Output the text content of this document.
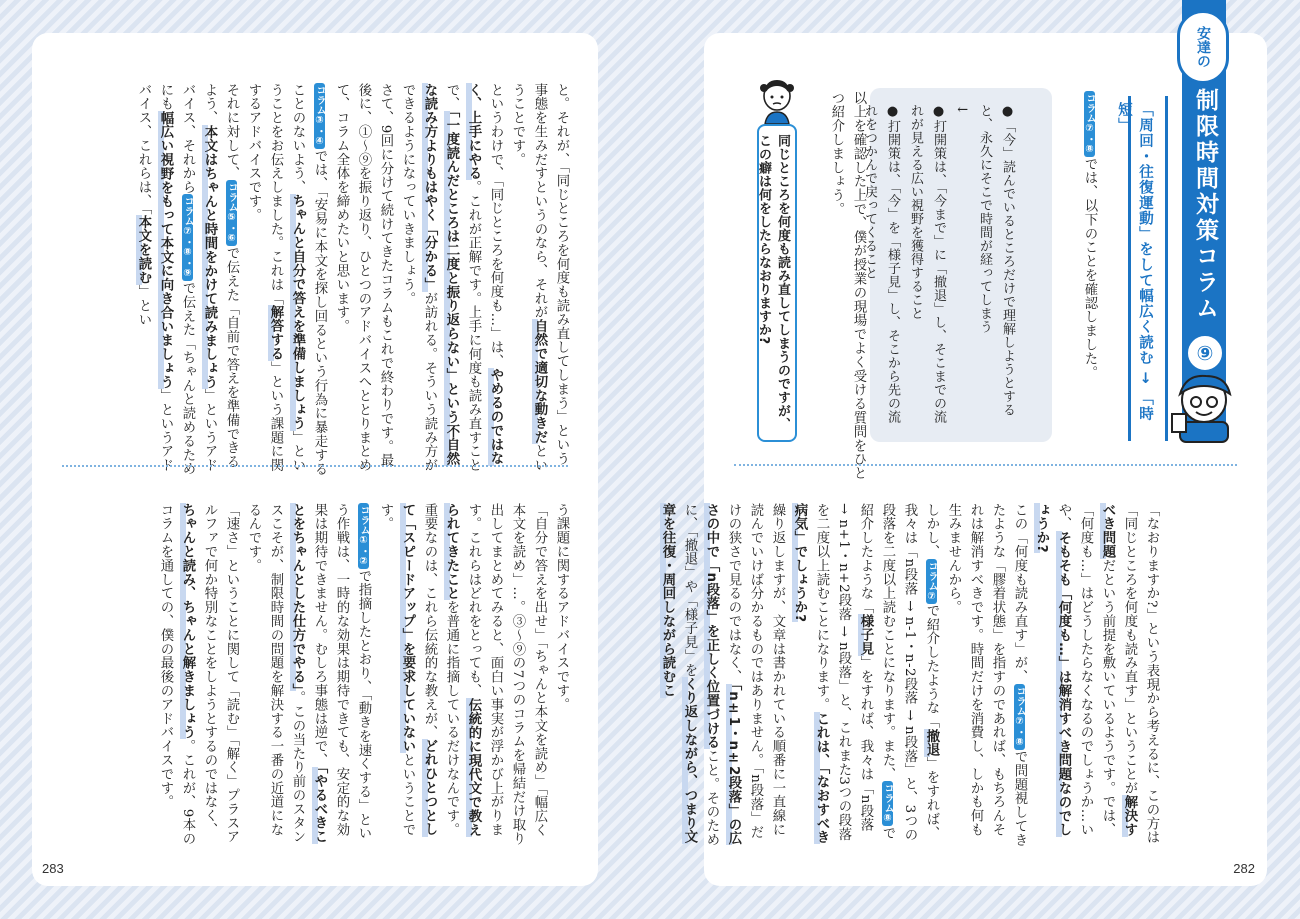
と。それが、「同じところを何度も読み直してしまう」という事態を生みだすというのなら、それが自然で適切な動きだということです。
というわけで、「同じところを何度も…」は、やめるのではなく、上手にやる。これが正解です。上手に何度も読み直すことで、「一度読んだところは二度と振り返らない」という不自然な読み方よりもはやく「分かる」が訪れる。そういう読み方ができるようになっていきましょう。
さて、9回に分けて続けてきたコラムもこれで終わりです。最後に、①～⑨を振り返り、ひとつのアドバイスへととりまとめて、コラム全体を締めたいと思います。
コラム③・④では、「安易に本文を探し回るという行為に暴走することのないよう、ちゃんと自分で答えを準備しましょう」ということをお伝えしました。これは「解答する」という課題に関するアドバイスです。
それに対して、コラム⑤・⑥で伝えた「自前で答えを準備できるよう、本文はちゃんと時間をかけて読みましょう」というアドバイス、それからコラム⑦・⑧・⑨で伝えた「ちゃんと読めるためにも幅広い視野をもって本文に向き合いましょう」というアドバイス、これらは、「本文を読む」とい
う課題に関するアドバイスです。
「自分で答えを出せ」「ちゃんと本文を読め」「幅広く本文を読め」…。③～⑨の7つのコラムを帰結だけ取り出してまとめてみると、面白い事実が浮かび上がります。これらはどれをとっても、伝統的に現代文で教えられてきたことを普通に指摘しているだけなんです。
重要なのは、これら伝統的な教えが、どれひとつとして「スピードアップ」を要求していないということです。
コラム①・②で指摘したとおり、「動きを速くする」という作戦は、一時的な効果は期待できても、安定的な効果は期待できません。むしろ事態は逆で、「やるべきことをちゃんとした仕方でやる」。この当たり前のスタンスこそが、制限時間の問題を解決する一番の近道になるんです。
「速さ」ということに関して「読む」「解く」プラスアルファで何か特別なことをしようとするのではなく、ちゃんと読み、ちゃんと解きましょう。これが、9本のコラムを通しての、僕の最後のアドバイスです。
283
コラム⑦・⑧では、以下のことを確認しました。
以上を確認した上で、僕が授業の現場でよく受ける質問をひとつ紹介しましょう。
「なおりますか?」という表現から考えるに、この方は「同じところを何度も読み直す」ということが解決すべき問題だという前提を敷いているようです。では、「何度も…」はどうしたらなくなるのでしょうか…いや、そもそも「何度も…」は解消すべき問題なのでしょうか?
この「何度も読み直す」が、コラム⑦・⑧で問題視してきたような「膠着状態」を指すのであれば、もちろんそれは解消すべきです。時間だけを消費し、しかも何も生みませんから。
しかし、コラム⑦で紹介したような「撤退」をすれば、我々は「n段落 → n-1・n-2段落 → n段落」と、3つの段落を二度以上読むことになります。また、コラム⑧で紹介したような「様子見」をすれば、我々は「n段落 → n+1・n+2段落 → n段落」と、これまた3つの段落を二度以上読むことになります。これは、「なおすべき病気」でしょうか?
繰り返しますが、文章は書かれている順番に一直線に読んでいけば分かるものではありません。「n段落」だけの狭さで見るのではなく、「n±1・n±2段落」の広さの中で「n段落」を正しく位置づけること。そのために、「撤退」や「様子見」をくり返しながら、つまり文章を往復・周回しながら読むこ
282
安達の
制限時間対策コラム
⑨
「周回・往復運動」をして幅広く読む → 「時短」

●「今」読んでいるところだけで理解しようとすると、永久にそこで時間が経ってしまう
↓
●打開策は、「今まで」に「撤退」し、そこまでの流れが見える広い視野を獲得すること
●打開策は、「今」を「様子見」し、そこから先の流れをつかんで戻ってくること

同じところを何度も読み直してしまうのですが、この癖は何をしたらなおりますか?
